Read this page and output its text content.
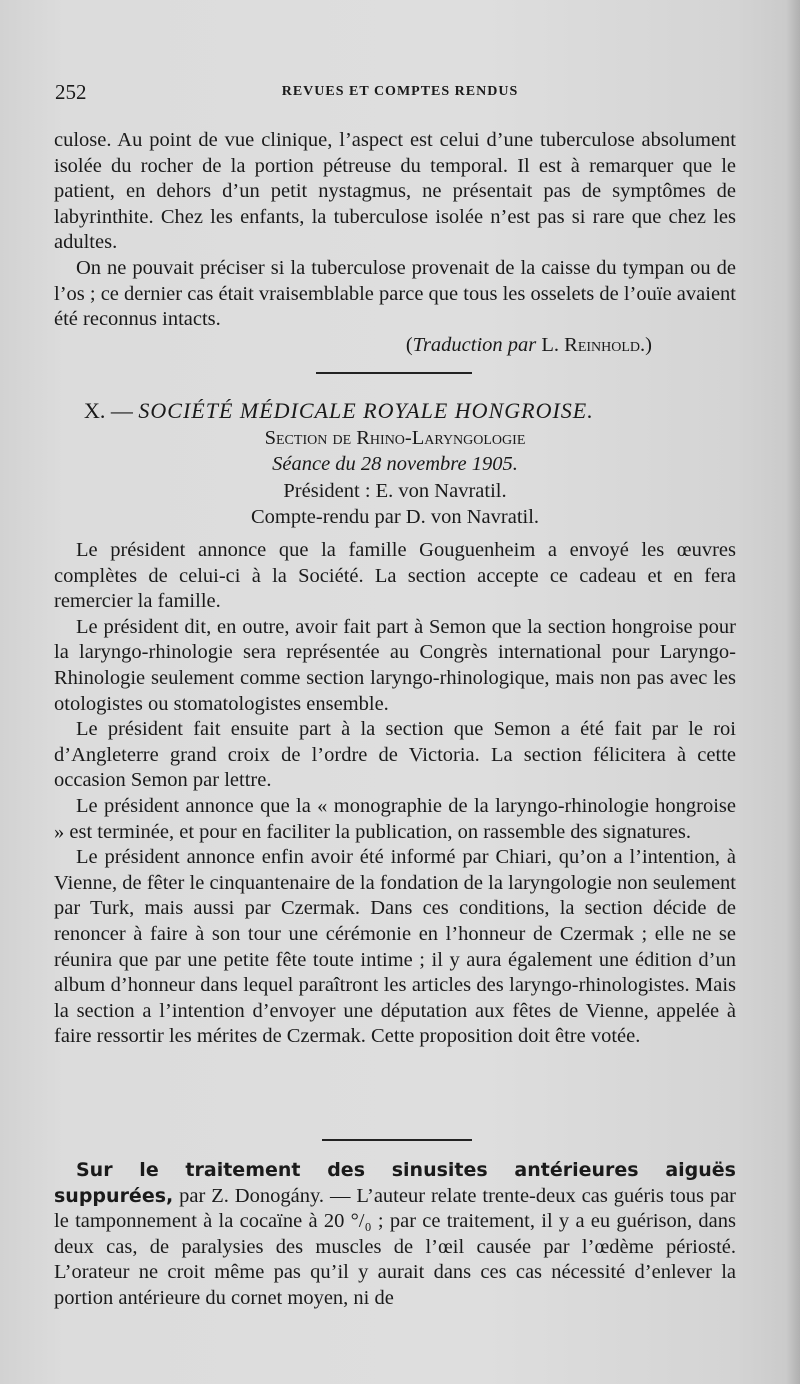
252	REVUES ET COMPTES RENDUS

culose. Au point de vue clinique, l’aspect est celui d’une tuberculose absolument isolée du rocher de la portion pétreuse du temporal. Il est à remarquer que le patient, en dehors d’un petit nystagmus, ne présentait pas de symptômes de labyrinthite. Chez les enfants, la tuberculose isolée n’est pas si rare que chez les adultes.

On ne pouvait préciser si la tuberculose provenait de la caisse du tympan ou de l’os ; ce dernier cas était vraisemblable parce que tous les osselets de l’ouïe avaient été reconnus intacts.

(Traduction par L. Reinhold.)
X. — SOCIÉTÉ MÉDICALE ROYALE HONGROISE.
Section de Rhino-Laryngologie
Séance du 28 novembre 1905.
Président : E. von Navratil.
Compte-rendu par D. von Navratil.

Le président annonce que la famille Gouguenheim a envoyé les œuvres complètes de celui-ci à la Société. La section accepte ce cadeau et en fera remercier la famille.

Le président dit, en outre, avoir fait part à Semon que la section hongroise pour la laryngo-rhinologie sera représentée au Congrès international pour Laryngo-Rhinologie seulement comme section laryngo-rhinologique, mais non pas avec les otologistes ou stomatologistes ensemble.

Le président fait ensuite part à la section que Semon a été fait par le roi d’Angleterre grand croix de l’ordre de Victoria. La section félicitera à cette occasion Semon par lettre.

Le président annonce que la « monographie de la laryngo-rhinologie hongroise » est terminée, et pour en faciliter la publication, on rassemble des signatures.

Le président annonce enfin avoir été informé par Chiari, qu’on a l’intention, à Vienne, de fêter le cinquantenaire de la fondation de la laryngologie non seulement par Turk, mais aussi par Czermak. Dans ces conditions, la section décide de renoncer à faire à son tour une cérémonie en l’honneur de Czermak ; elle ne se réunira que par une petite fête toute intime ; il y aura également une édition d’un album d’honneur dans lequel paraîtront les articles des laryngo-rhinologistes. Mais la section a l’intention d’envoyer une députation aux fêtes de Vienne, appelée à faire ressortir les mérites de Czermak. Cette proposition doit être votée.

Sur le traitement des sinusites antérieures aiguës suppurées, par Z. Donogány. — L’auteur relate trente-deux cas guéris tous par le tamponnement à la cocaïne à 20 °/₀ ; par ce traitement, il y a eu guérison, dans deux cas, de paralysies des muscles de l’œil causée par l’œdème périosté. L’orateur ne croit même pas qu’il y aurait dans ces cas nécessité d’enlever la portion antérieure du cornet moyen, ni de
